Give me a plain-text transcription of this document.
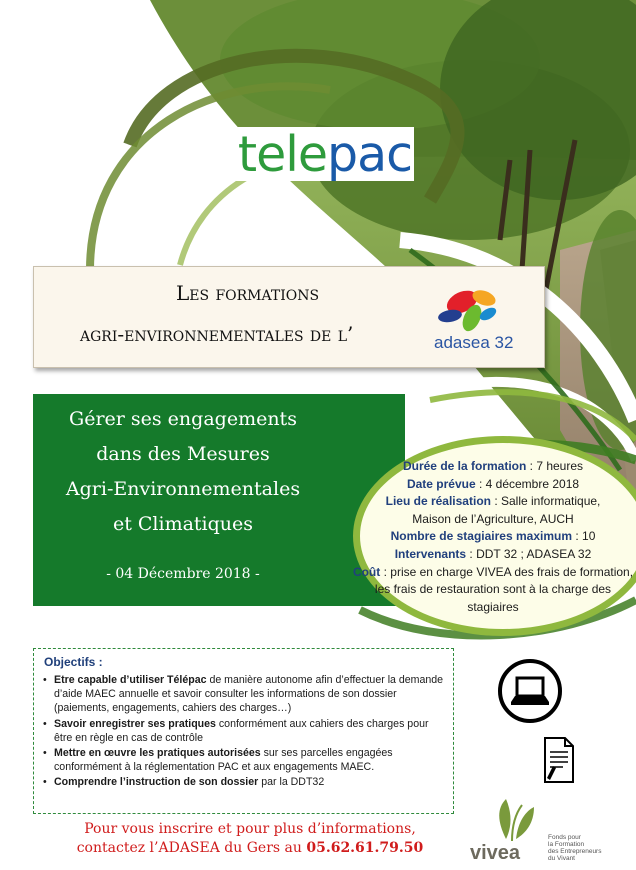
tele pac
Les formations
agri-environnementales de l’	adasea 32
Gérer ses engagements
dans des Mesures
Agri-Environnementales
et Climatiques
- 04 Décembre 2018 -
Durée de la formation : 7 heures
Date prévue : 4 décembre 2018
Lieu de réalisation : Salle informatique,
Maison de l’Agriculture, AUCH
Nombre de stagiaires maximum : 10
Intervenants : DDT 32 ; ADASEA 32
Coût : prise en charge VIVEA des frais de formation,
les frais de restauration sont à la charge des
stagiaires
Objectifs :
• Etre capable d’utiliser Télépac de manière autonome afin d’effectuer la demande d’aide MAEC annuelle et savoir consulter les informations de son dossier (paiements, engagements, cahiers des charges…)
• Savoir enregistrer ses pratiques conformément aux cahiers des charges pour être en règle en cas de contrôle
• Mettre en œuvre les pratiques autorisées sur ses parcelles engagées conformément à la réglementation PAC et aux engagements MAEC.
• Comprendre l’instruction de son dossier par la DDT32
Pour vous inscrire et pour plus d’informations,
contactez l’ADASEA du Gers au 05.62.61.79.50	vivea
Fonds pour
la Formation
des Entrepreneurs
du Vivant
